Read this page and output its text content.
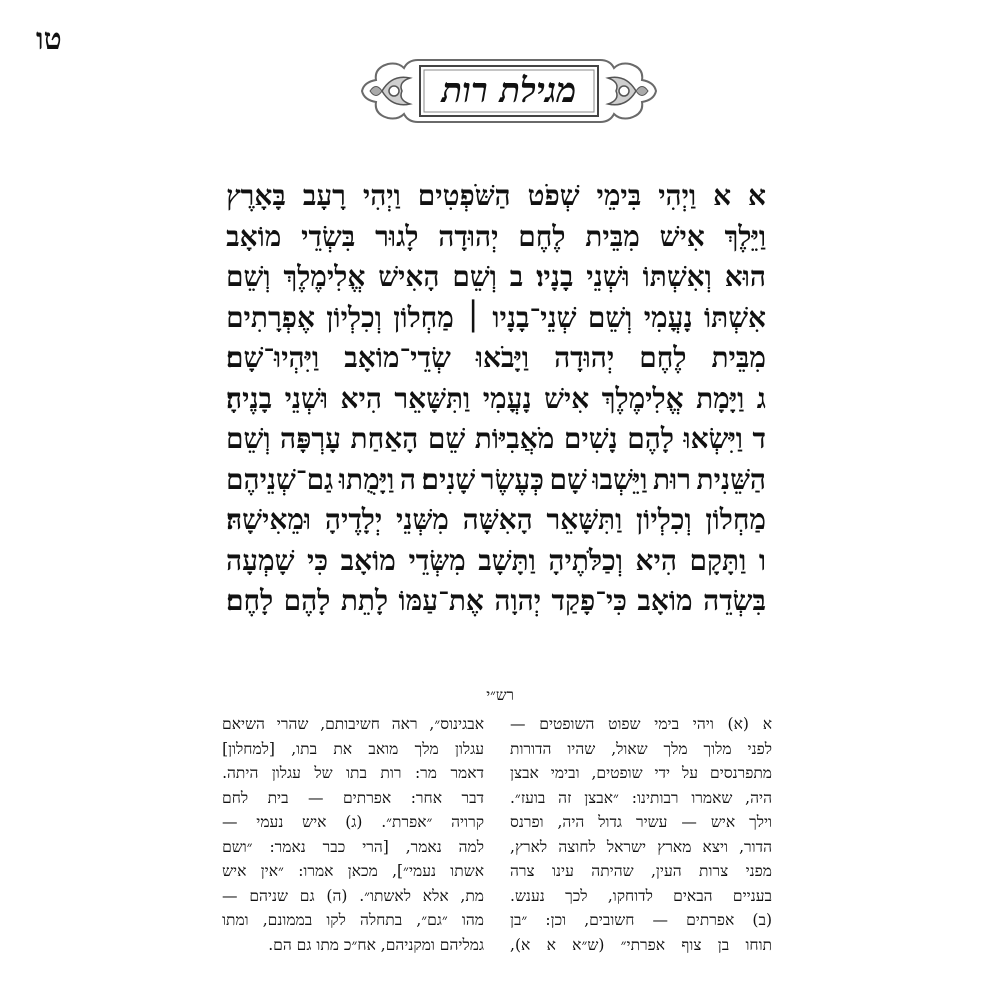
טו
מגילת רות
א
א
וַיְהִי
בִּימֵי
שְׁפֹט
הַשֹּׁפְטִים
וַיְהִי
רָעָב
בָּאָרֶץ
וַיֵּלֶךְ
אִישׁ
מִבֵּית
לֶחֶם
יְהוּדָה
לָגוּר
בִּשְׂדֵי
מוֹאָב
הוּא
וְאִשְׁתּוֹ
וּשְׁנֵי
בָנָיו׃
ב
וְשֵׁם
הָאִישׁ
אֱלִימֶלֶךְ
וְשֵׁם
אִשְׁתּוֹ
נָעֳמִי
וְשֵׁם
שְׁנֵי־בָנָיו
׀
מַחְלוֹן
וְכִלְיוֹן
אֶפְרָתִים
מִבֵּית
לֶחֶם
יְהוּדָה
וַיָּבֹאוּ
שְׂדֵי־מוֹאָב
וַיִּהְיוּ־שָׁם׃
ג
וַיָּמָת
אֱלִימֶלֶךְ
אִישׁ
נָעֳמִי
וַתִּשָּׁאֵר
הִיא
וּשְׁנֵי
בָנֶיהָ׃
ד
וַיִּשְׂאוּ
לָהֶם
נָשִׁים
מֹאֲבִיּוֹת
שֵׁם
הָאַחַת
עָרְפָּה
וְשֵׁם
הַשֵּׁנִית
רוּת
וַיֵּשְׁבוּ
שָׁם
כְּעֶשֶׂר
שָׁנִים׃
ה
וַיָּמֻתוּ
גַם־שְׁנֵיהֶם
מַחְלוֹן
וְכִלְיוֹן
וַתִּשָּׁאֵר
הָאִשָּׁה
מִשְּׁנֵי
יְלָדֶיהָ
וּמֵאִישָׁהּ׃
ו
וַתָּקָם
הִיא
וְכַלֹּתֶיהָ
וַתָּשָׁב
מִשְּׂדֵי
מוֹאָב
כִּי
שָׁמְעָה
בִּשְׂדֵה
מוֹאָב
כִּי־פָקַד
יְהוָה
אֶת־עַמּוֹ
לָתֵת
לָהֶם
לָחֶם׃
רש״י
א
(א)
ויהי
בימי
שפוט
השופטים
—
לפני
מלוך
מלך
שאול,
שהיו
הדורות
מתפרנסים
על
ידי
שופטים,
ובימי
אבצן
היה,
שאמרו
רבותינו:
״אבצן
זה
בועז״.
וילך
איש
—
עשיר
גדול
היה,
ופרנס
הדור,
ויצא
מארץ
ישראל
לחוצה
לארץ,
מפני
צרות
העין,
שהיתה
עינו
צרה
בעניים
הבאים
לדוחקו,
לכך
נענש.
(ב)
אפרתים
—
חשובים,
וכן:
״בן
תוחו
בן
צוף
אפרתי״
(ש״א
א
א),
אבגינוס״,
ראה
חשיבותם,
שהרי
השיאם
עגלון
מלך
מואב
את
בתו,
[למחלון]
דאמר
מר:
רות
בתו
של
עגלון
היתה.
דבר
אחר:
אפרתים
—
בית
לחם
קרויה
״אפרת״.
(ג)
איש
נעמי
—
למה
נאמר,
[הרי
כבר
נאמר:
״ושם
אשתו
נעמי״],
מכאן
אמרו:
״אין
איש
מת,
אלא
לאשתו״.
(ה)
גם
שניהם
—
מהו
״גם״,
בתחלה
לקו
בממונם,
ומתו
גמליהם ומקניהם, אח״כ מתו גם הם.
